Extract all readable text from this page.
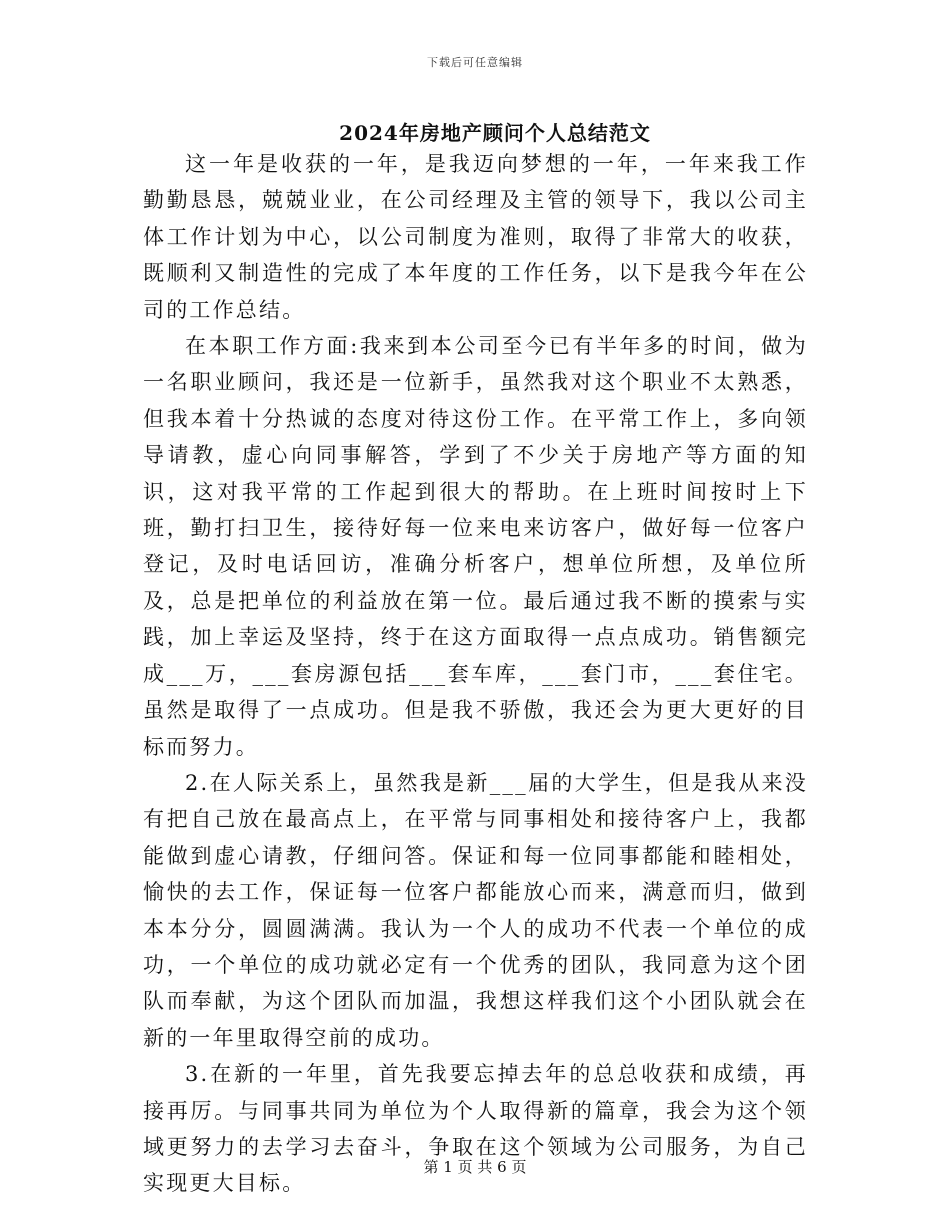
下载后可任意编辑
2024年房地产顾问个人总结范文

这一年是收获的一年，是我迈向梦想的一年，一年来我工作勤勤恳恳，兢兢业业，在公司经理及主管的领导下，我以公司主体工作计划为中心，以公司制度为准则，取得了非常大的收获，既顺利又制造性的完成了本年度的工作任务，以下是我今年在公司的工作总结。

在本职工作方面:我来到本公司至今已有半年多的时间，做为一名职业顾问，我还是一位新手，虽然我对这个职业不太熟悉，但我本着十分热诚的态度对待这份工作。在平常工作上，多向领导请教，虚心向同事解答，学到了不少关于房地产等方面的知识，这对我平常的工作起到很大的帮助。在上班时间按时上下班，勤打扫卫生，接待好每一位来电来访客户，做好每一位客户登记，及时电话回访，准确分析客户，想单位所想，及单位所及，总是把单位的利益放在第一位。最后通过我不断的摸索与实践，加上幸运及坚持，终于在这方面取得一点点成功。销售额完成___万，___套房源包括___套车库，___套门市，___套住宅。虽然是取得了一点成功。但是我不骄傲，我还会为更大更好的目标而努力。

2.在人际关系上，虽然我是新___届的大学生，但是我从来没有把自己放在最高点上，在平常与同事相处和接待客户上，我都能做到虚心请教，仔细问答。保证和每一位同事都能和睦相处，愉快的去工作，保证每一位客户都能放心而来，满意而归，做到本本分分，圆圆满满。我认为一个人的成功不代表一个单位的成功，一个单位的成功就必定有一个优秀的团队，我同意为这个团队而奉献，为这个团队而加温，我想这样我们这个小团队就会在新的一年里取得空前的成功。

3.在新的一年里，首先我要忘掉去年的总总收获和成绩，再接再厉。与同事共同为单位为个人取得新的篇章，我会为这个领域更努力的去学习去奋斗，争取在这个领域为公司服务，为自己实现更大目标。

第 1 页 共 6 页
